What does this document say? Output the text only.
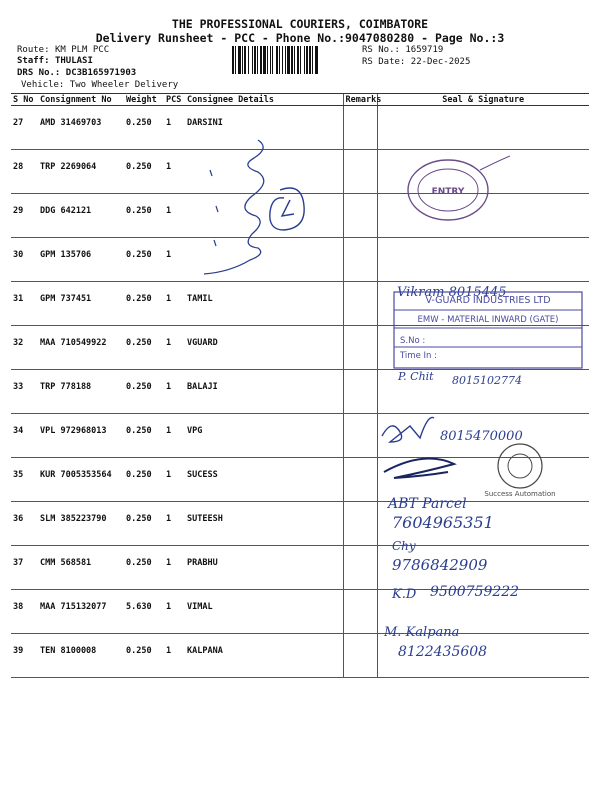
THE PROFESSIONAL COURIERS, COIMBATORE
Delivery Runsheet - PCC - Phone No.:9047080280 - Page No.:3
Route: KM PLM PCC
Staff: THULASI
DRS No.: DC3B165971903
Vehicle: Two Wheeler Delivery
RS No.: 1659719
RS Date: 22-Dec-2025
S No	Consignment No	Weight	PCS	Consignee Details	Remarks	Seal & Signature
27	AMD 31469703	0.250	1	DARSINI		
28	TRP 2269064	0.250	1			
29	DDG 642121	0.250	1			
30	GPM 135706	0.250	1			
31	GPM 737451	0.250	1	TAMIL		
32	MAA 710549922	0.250	1	VGUARD		
33	TRP 778188	0.250	1	BALAJI		
34	VPL 972968013	0.250	1	VPG		
35	KUR 7005353564	0.250	1	SUCESS		
36	SLM 385223790	0.250	1	SUTEESH		
37	CMM 568581	0.250	1	PRABHU		
38	MAA 715132077	5.630	1	VIMAL		
39	TEN 8100008	0.250	1	KALPANA		
ENTRY
Vikram 8015445
V-GUARD INDUSTRIES LTD
EMW - MATERIAL INWARD (GATE)
S.No :
Time In :
P. Chit 8015102774
8015470000
Success Automation
ABT Parcel
7604965351
Chy
9786842909
K.D 9500759222
M. Kalpana
8122435608
